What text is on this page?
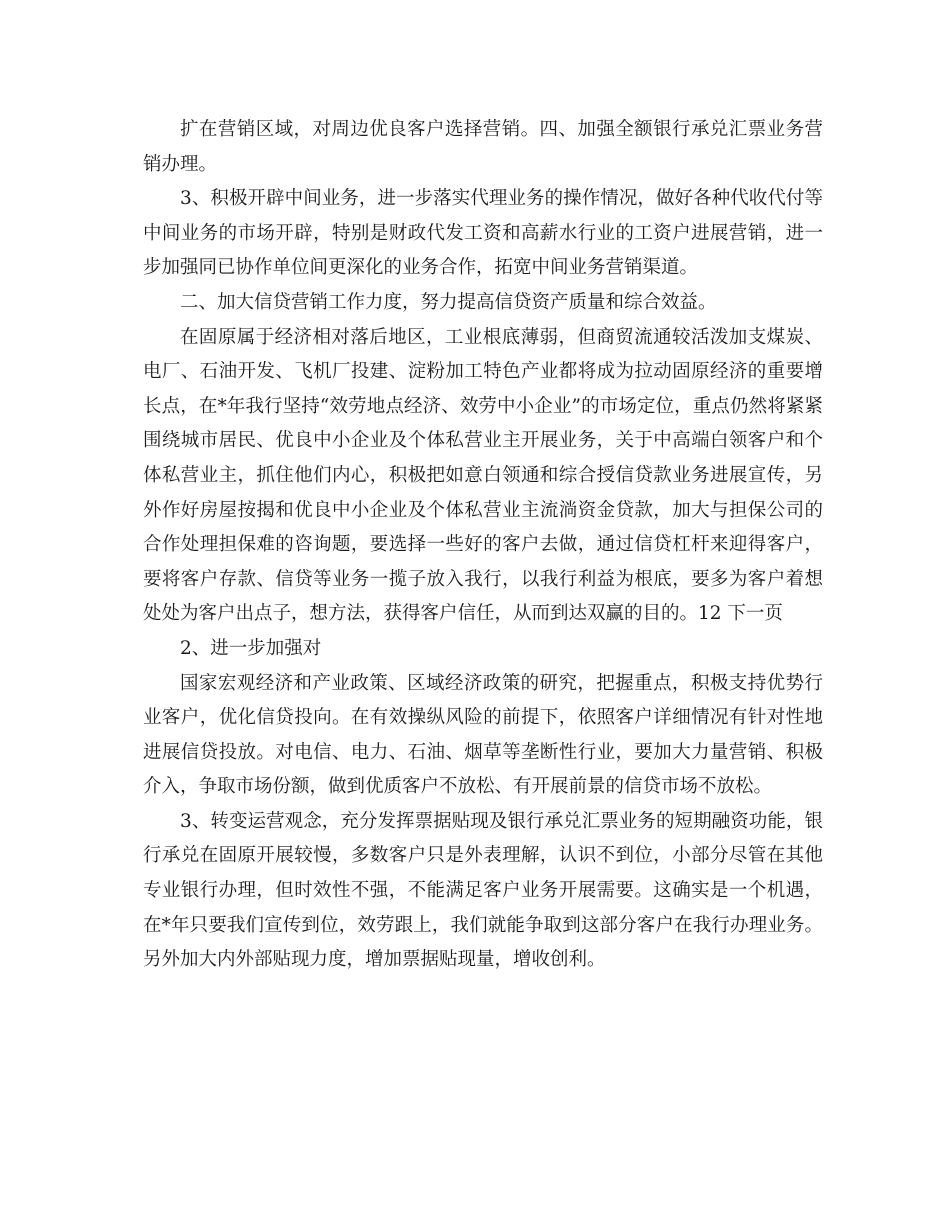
扩在营销区域，对周边优良客户选择营销。四、加强全额银行承兑汇票业务营销办理。

3、积极开辟中间业务，进一步落实代理业务的操作情况，做好各种代收代付等中间业务的市场开辟，特别是财政代发工资和高薪水行业的工资户进展营销，进一步加强同已协作单位间更深化的业务合作，拓宽中间业务营销渠道。

二、加大信贷营销工作力度，努力提高信贷资产质量和综合效益。

在固原属于经济相对落后地区，工业根底薄弱，但商贸流通较活泼加支煤炭、电厂、石油开发、飞机厂投建、淀粉加工特色产业都将成为拉动固原经济的重要增长点，在*年我行坚持“效劳地点经济、效劳中小企业”的市场定位，重点仍然将紧紧围绕城市居民、优良中小企业及个体私营业主开展业务，关于中高端白领客户和个体私营业主，抓住他们内心，积极把如意白领通和综合授信贷款业务进展宣传，另外作好房屋按揭和优良中小企业及个体私营业主流淌资金贷款，加大与担保公司的合作处理担保难的咨询题，要选择一些好的客户去做，通过信贷杠杆来迎得客户，要将客户存款、信贷等业务一揽子放入我行，以我行利益为根底，要多为客户着想处处为客户出点子，想方法，获得客户信任，从而到达双赢的目的。12 下一页

2、进一步加强对

国家宏观经济和产业政策、区域经济政策的研究，把握重点，积极支持优势行业客户，优化信贷投向。在有效操纵风险的前提下，依照客户详细情况有针对性地进展信贷投放。对电信、电力、石油、烟草等垄断性行业，要加大力量营销、积极介入，争取市场份额，做到优质客户不放松、有开展前景的信贷市场不放松。

3、转变运营观念，充分发挥票据贴现及银行承兑汇票业务的短期融资功能，银行承兑在固原开展较慢，多数客户只是外表理解，认识不到位，小部分尽管在其他专业银行办理，但时效性不强，不能满足客户业务开展需要。这确实是一个机遇，在*年只要我们宣传到位，效劳跟上，我们就能争取到这部分客户在我行办理业务。另外加大内外部贴现力度，增加票据贴现量，增收创利。
